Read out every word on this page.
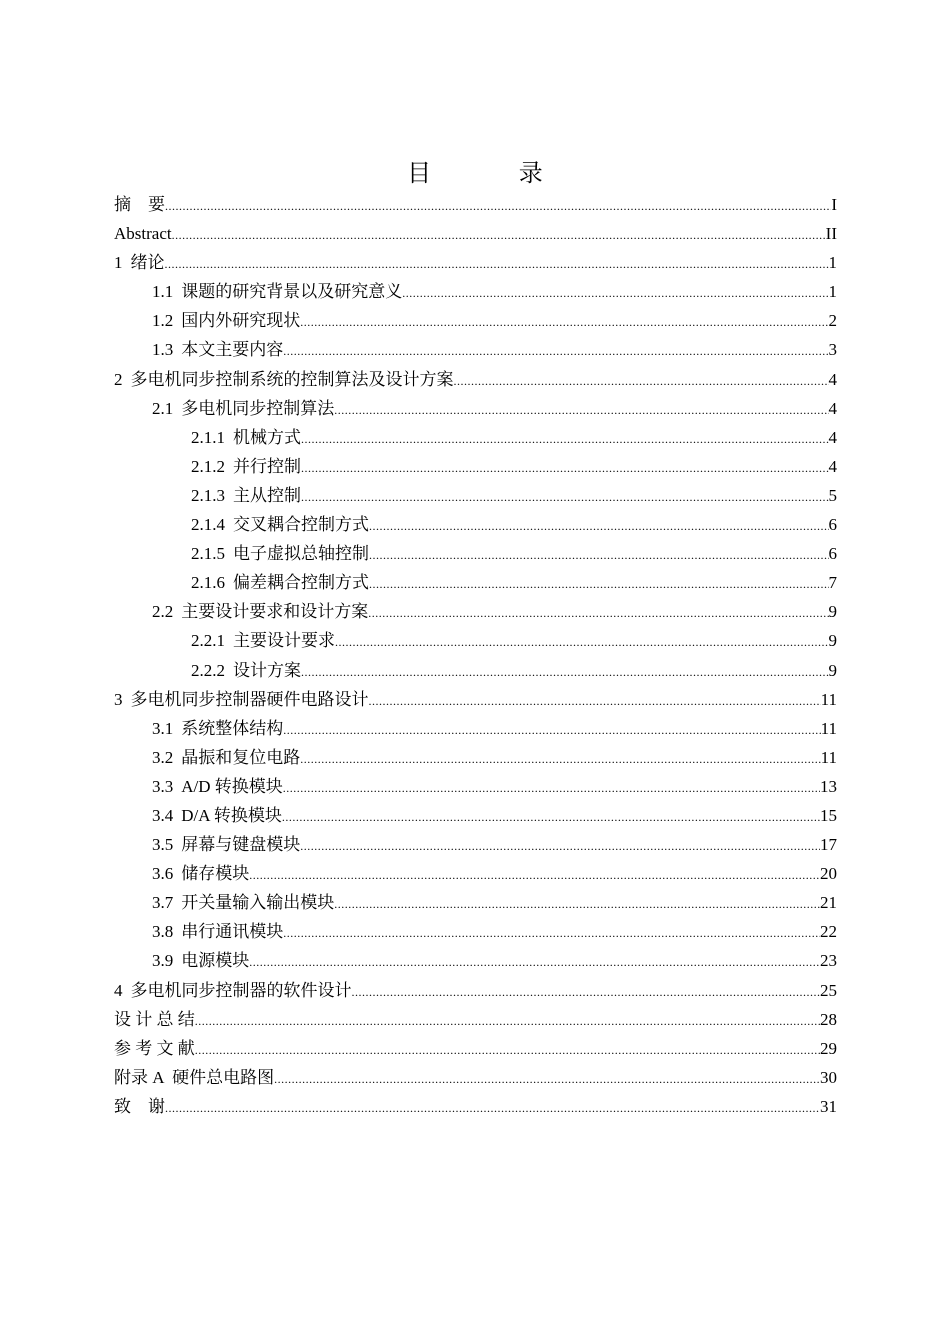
目 录
摘    要 .....	I
Abstract .....	II
1 绪论 .....	1
1.1 课题的研究背景以及研究意义 .....	1
1.2 国内外研究现状 .....	2
1.3 本文主要内容 .....	3
2 多电机同步控制系统的控制算法及设计方案 .....	4
2.1 多电机同步控制算法 .....	4
2.1.1 机械方式 .....	4
2.1.2 并行控制 .....	4
2.1.3 主从控制 .....	5
2.1.4 交叉耦合控制方式 .....	6
2.1.5 电子虚拟总轴控制 .....	6
2.1.6 偏差耦合控制方式 .....	7
2.2 主要设计要求和设计方案 .....	9
2.2.1 主要设计要求 .....	9
2.2.2 设计方案 .....	9
3 多电机同步控制器硬件电路设计 .....	11
3.1 系统整体结构 .....	11
3.2 晶振和复位电路 .....	11
3.3 A/D 转换模块 .....	13
3.4 D/A 转换模块 .....	15
3.5 屏幕与键盘模块 .....	17
3.6 储存模块 .....	20
3.7 开关量输入输出模块 .....	21
3.8 串行通讯模块 .....	22
3.9 电源模块 .....	23
4 多电机同步控制器的软件设计 .....	25
设 计 总 结 .....	28
参 考 文 献 .....	29
附录 A  硬件总电路图 .....	30
致    谢 .....	31
